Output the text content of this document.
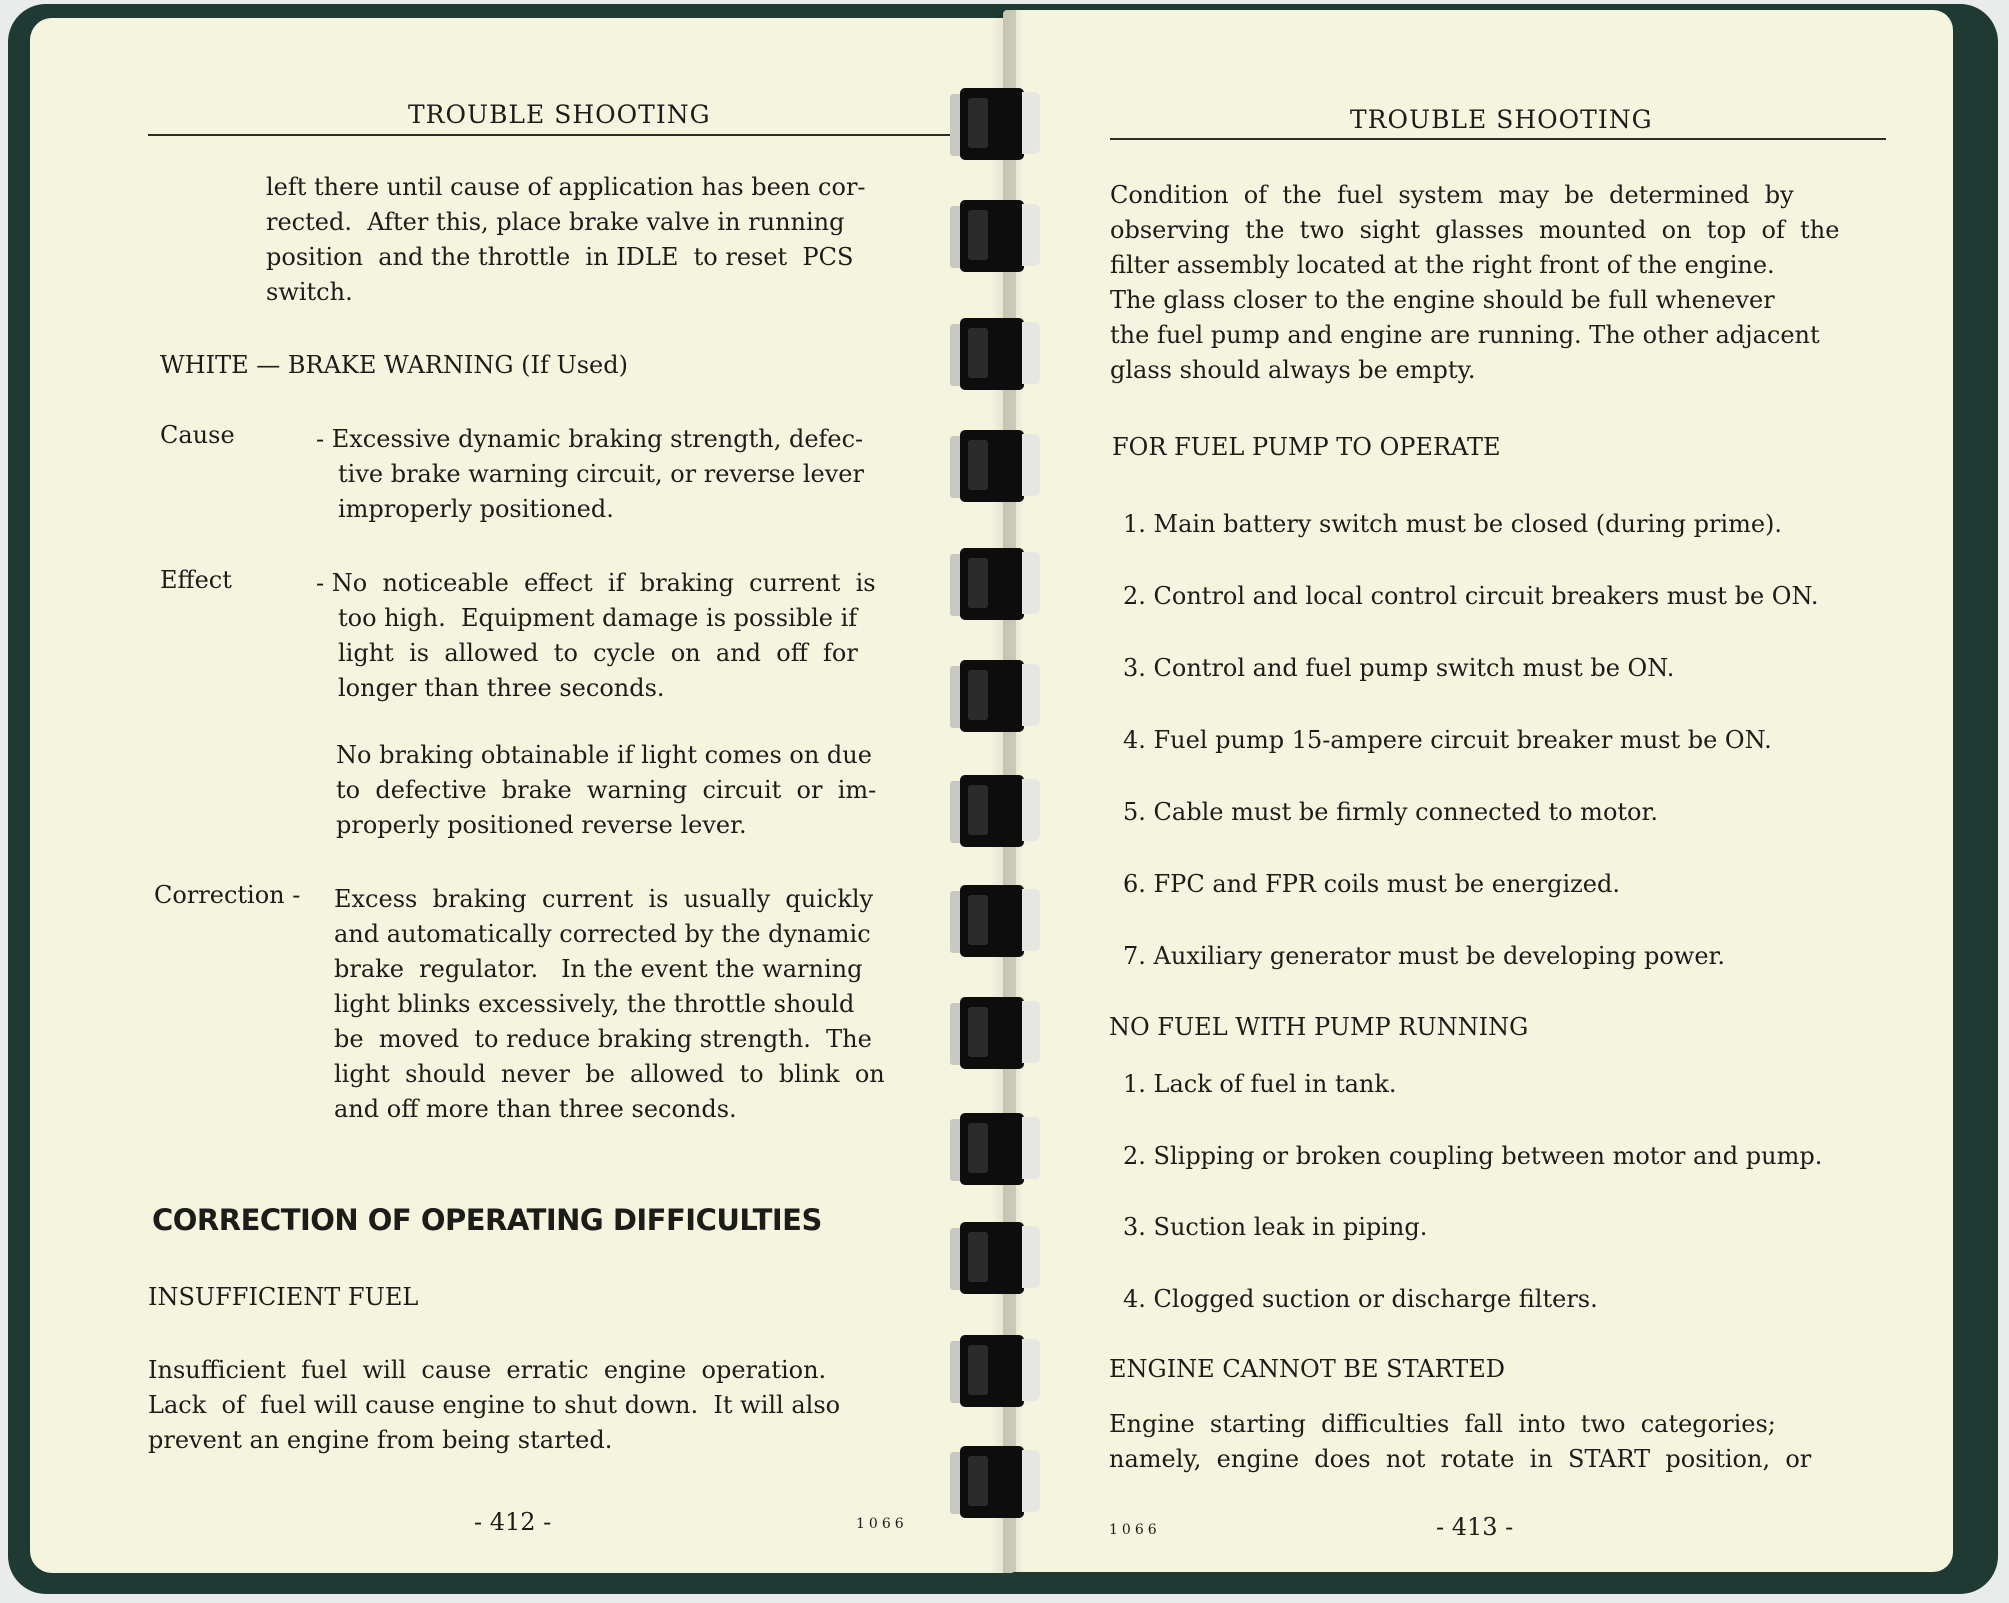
TROUBLE SHOOTING
left there until cause of application has been cor-
rected.  After this, place brake valve in running
position  and the throttle  in IDLE  to reset  PCS
switch.
WHITE — BRAKE WARNING (If Used)
Cause	- Excessive dynamic braking strength, defec-
tive brake warning circuit, or reverse lever
improperly positioned.
Effect	- No  noticeable  effect  if  braking  current  is
too high.  Equipment damage is possible if
light  is  allowed  to  cycle  on  and  off  for
longer than three seconds.
No braking obtainable if light comes on due
to  defective  brake  warning  circuit  or  im-
properly positioned reverse lever.
Correction - Excess  braking  current  is  usually  quickly
and automatically corrected by the dynamic
brake  regulator.   In the event the warning
light blinks excessively, the throttle should
be  moved  to reduce braking strength.  The
light  should  never  be  allowed  to  blink  on
and off more than three seconds.
CORRECTION OF OPERATING DIFFICULTIES
INSUFFICIENT FUEL
Insufficient  fuel  will  cause  erratic  engine  operation.
Lack  of  fuel will cause engine to shut down.  It will also
prevent an engine from being started.
- 412 -	1066
TROUBLE SHOOTING
Condition  of  the  fuel  system  may  be  determined  by
observing  the  two  sight  glasses  mounted  on  top  of  the
filter assembly located at the right front of the engine.
The glass closer to the engine should be full whenever
the fuel pump and engine are running. The other adjacent
glass should always be empty.
FOR FUEL PUMP TO OPERATE
1. Main battery switch must be closed (during prime).
2. Control and local control circuit breakers must be ON.
3. Control and fuel pump switch must be ON.
4. Fuel pump 15-ampere circuit breaker must be ON.
5. Cable must be firmly connected to motor.
6. FPC and FPR coils must be energized.
7. Auxiliary generator must be developing power.
NO FUEL WITH PUMP RUNNING
1. Lack of fuel in tank.
2. Slipping or broken coupling between motor and pump.
3. Suction leak in piping.
4. Clogged suction or discharge filters.
ENGINE CANNOT BE STARTED
Engine  starting  difficulties  fall  into  two  categories;
namely,  engine  does  not  rotate  in  START  position,  or
1066	- 413 -
